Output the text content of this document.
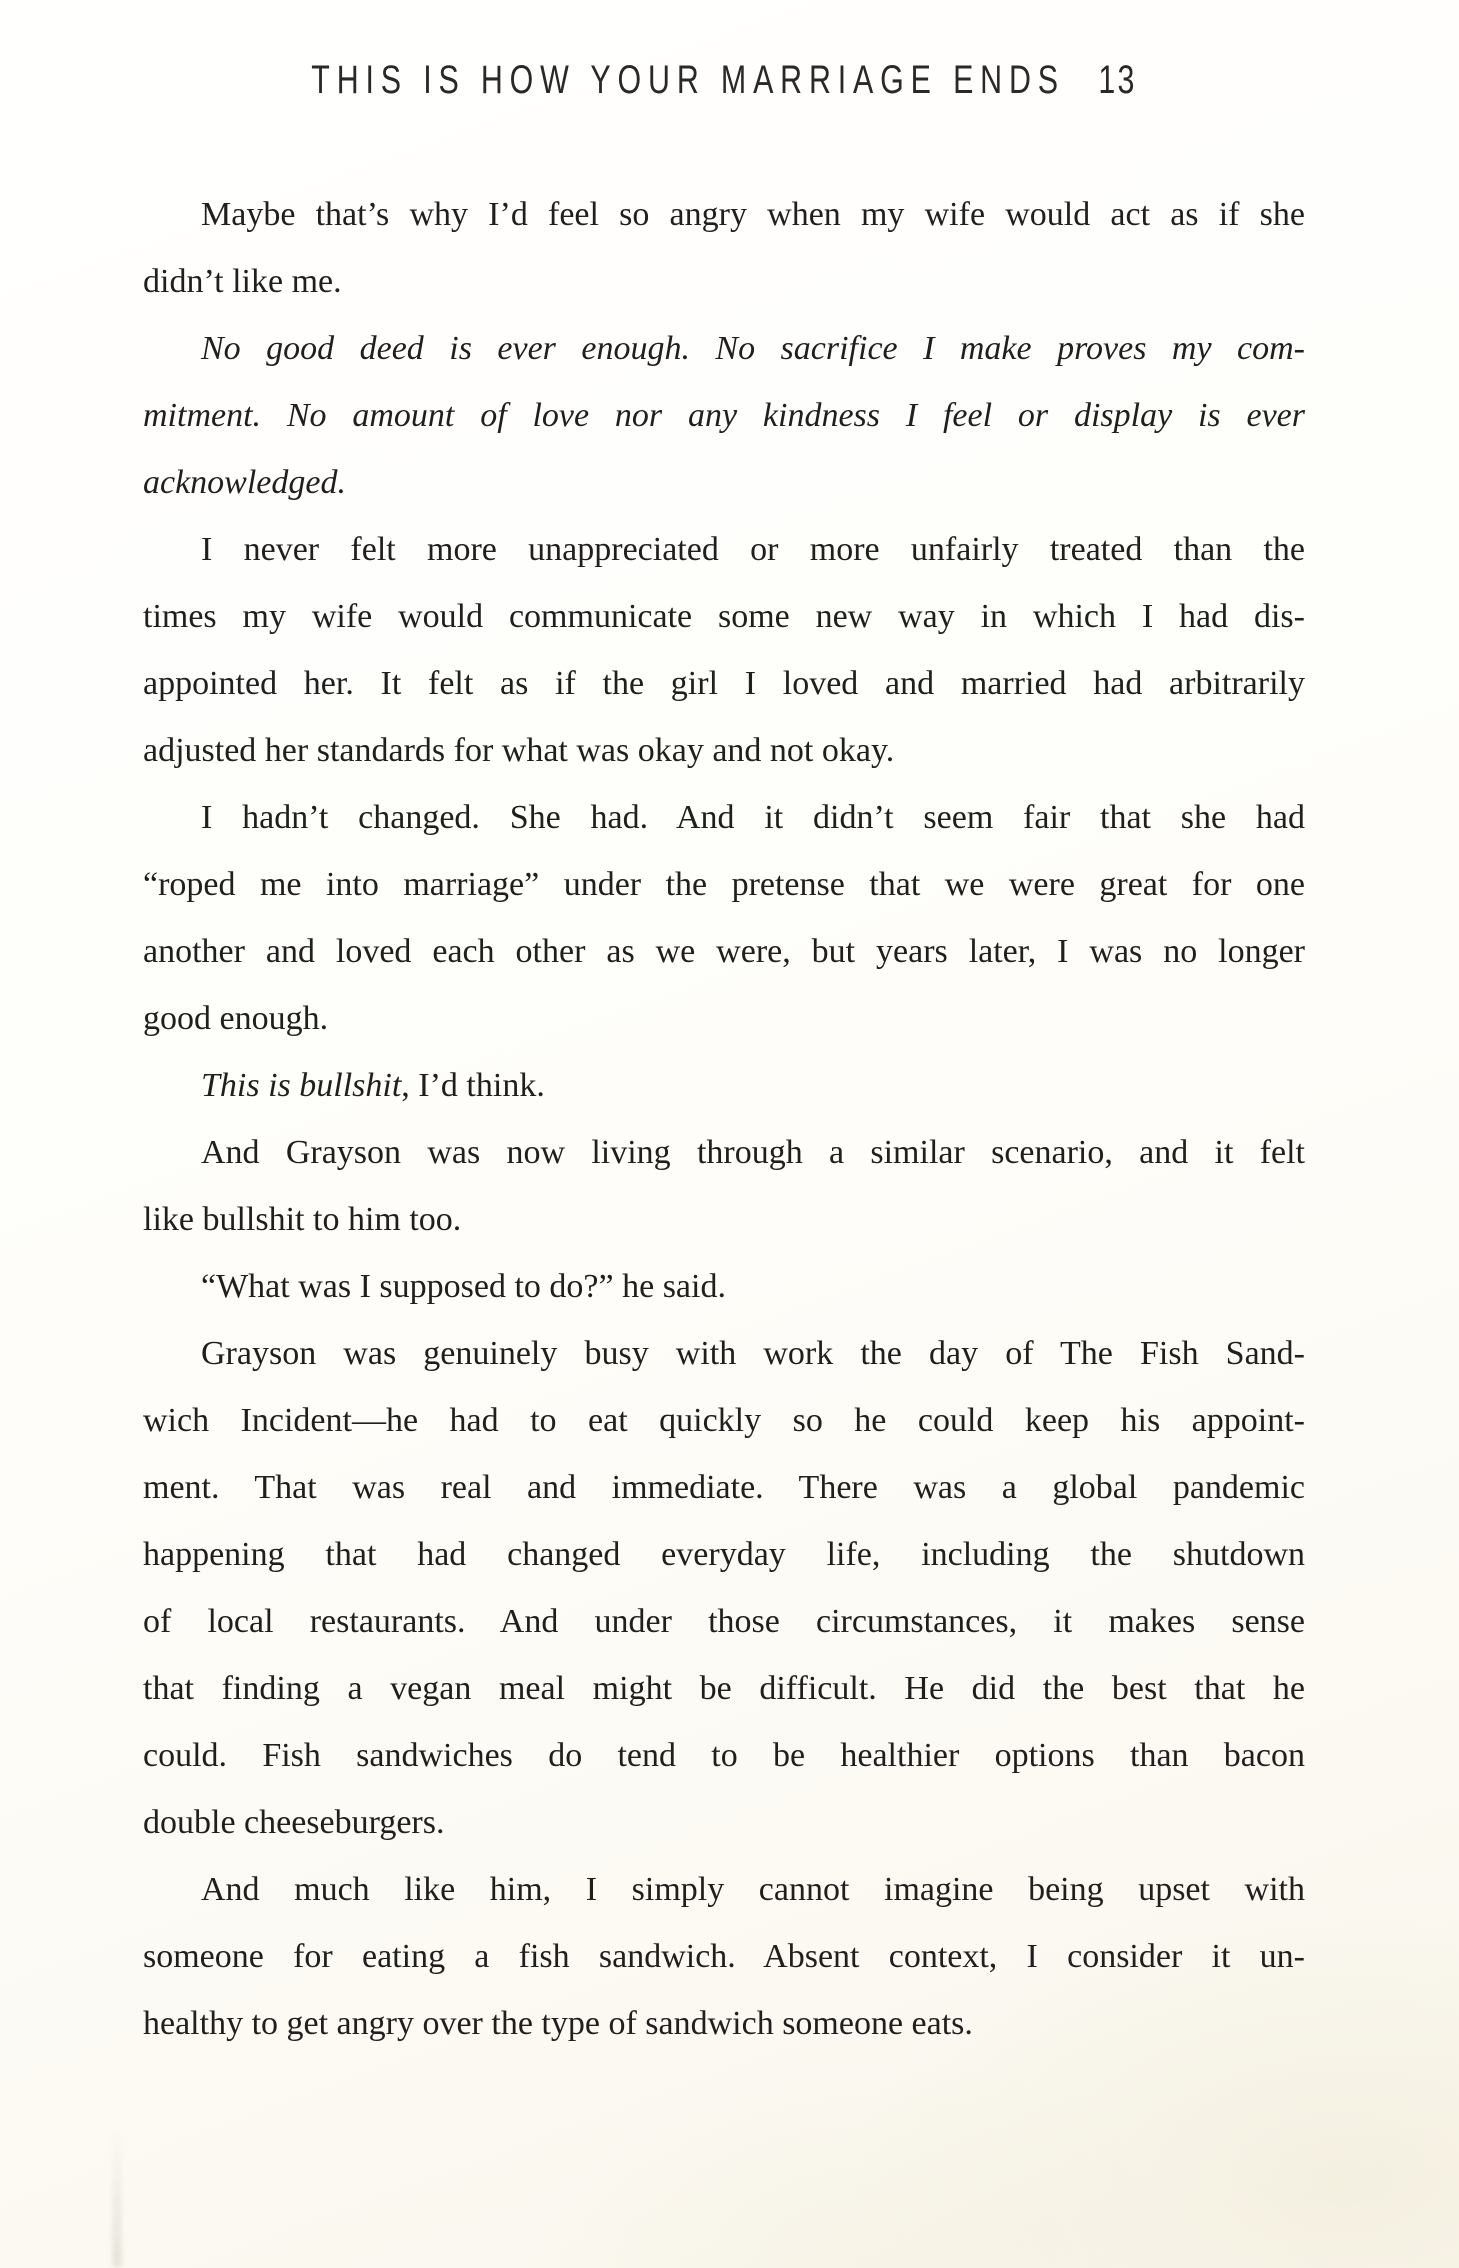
THIS IS HOW YOUR MARRIAGE ENDS 13
Maybe that’s why I’d feel so angry when my wife would act as if she
didn’t like me.
No good deed is ever enough. No sacrifice I make proves my com-
mitment. No amount of love nor any kindness I feel or display is ever
acknowledged.
I never felt more unappreciated or more unfairly treated than the
times my wife would communicate some new way in which I had dis-
appointed her. It felt as if the girl I loved and married had arbitrarily
adjusted her standards for what was okay and not okay.
I hadn’t changed. She had. And it didn’t seem fair that she had
“roped me into marriage” under the pretense that we were great for one
another and loved each other as we were, but years later, I was no longer
good enough.
This is bullshit, I’d think.
And Grayson was now living through a similar scenario, and it felt
like bullshit to him too.
“What was I supposed to do?” he said.
Grayson was genuinely busy with work the day of The Fish Sand-
wich Incident—he had to eat quickly so he could keep his appoint-
ment. That was real and immediate. There was a global pandemic
happening that had changed everyday life, including the shutdown
of local restaurants. And under those circumstances, it makes sense
that finding a vegan meal might be difficult. He did the best that he
could. Fish sandwiches do tend to be healthier options than bacon
double cheeseburgers.
And much like him, I simply cannot imagine being upset with
someone for eating a fish sandwich. Absent context, I consider it un-
healthy to get angry over the type of sandwich someone eats.
